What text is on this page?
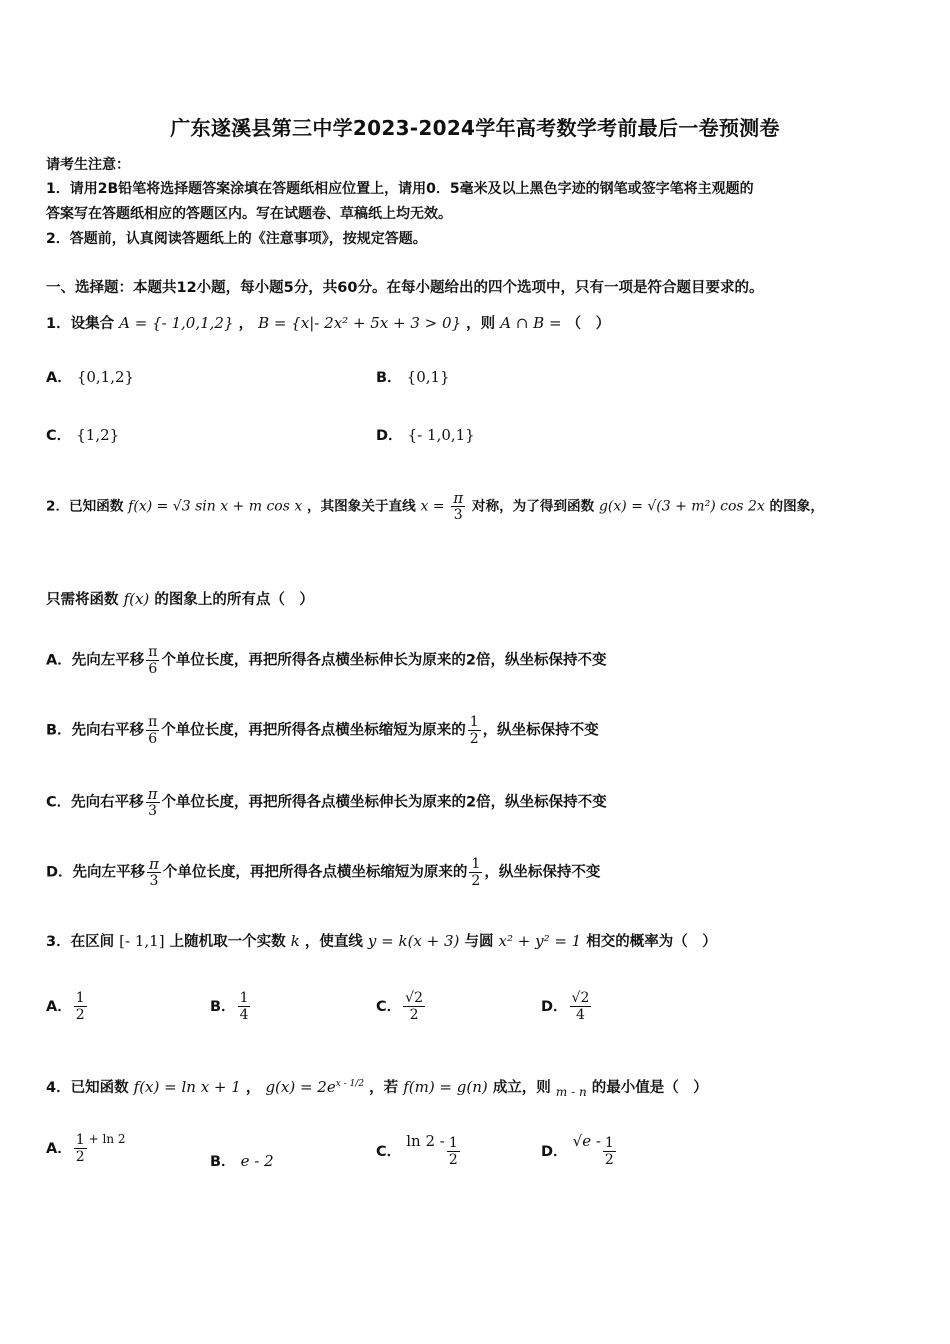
广东遂溪县第三中学2023-2024学年高考数学考前最后一卷预测卷
请考生注意：
1．请用2B铅笔将选择题答案涂填在答题纸相应位置上，请用0．5毫米及以上黑色字迹的钢笔或签字笔将主观题的
答案写在答题纸相应的答题区内。写在试题卷、草稿纸上均无效。
2．答题前，认真阅读答题纸上的《注意事项》，按规定答题。
一、选择题：本题共12小题，每小题5分，共60分。在每小题给出的四个选项中，只有一项是符合题目要求的。
1．设集合 A = {- 1,0,1,2} ， B = {x|- 2x² + 5x + 3 > 0} ，则 A ∩ B = （　）
A． {0,1,2}	B． {0,1}
C． {1,2}	D． {- 1,0,1}
2．已知函数 f(x) = √3 sin x + m cos x ，其图象关于直线 $x = \frac{\pi}{3}$ 对称，为了得到函数 g(x) = √(3 + m²) cos 2x 的图象，
只需将函数 f(x) 的图象上的所有点（　）
A．先向左平移 $\frac{\pi}{6}$ 个单位长度，再把所得各点横坐标伸长为原来的2倍，纵坐标保持不变
B．先向右平移 $\frac{\pi}{6}$ 个单位长度，再把所得各点横坐标缩短为原来的 $\frac{1}{2}$ ，纵坐标保持不变
C．先向右平移 $\frac{\pi}{3}$ 个单位长度，再把所得各点横坐标伸长为原来的2倍，纵坐标保持不变
D．先向左平移 $\frac{\pi}{3}$ 个单位长度，再把所得各点横坐标缩短为原来的 $\frac{1}{2}$ ，纵坐标保持不变
3．在区间 [- 1,1] 上随机取一个实数 k ，使直线 y = k(x + 3) 与圆 x² + y² = 1 相交的概率为（　）
A． $\frac{1}{2}$	B． $\frac{1}{4}$	C． $\frac{√2}{2}$	D． $\frac{√2}{4}$
4．已知函数 f(x) = ln x + 1 ， $g(x) = 2e^{x - 1/2}$ ，若 f(m) = g(n) 成立，则 $_{m - n}$ 的最小值是（　）
A． $\frac{1}{2} ^{+ ln 2}$
B． e - 2	C． $\ln 2 - \frac{1}{2}$	D． $√e - \frac{1}{2}$
